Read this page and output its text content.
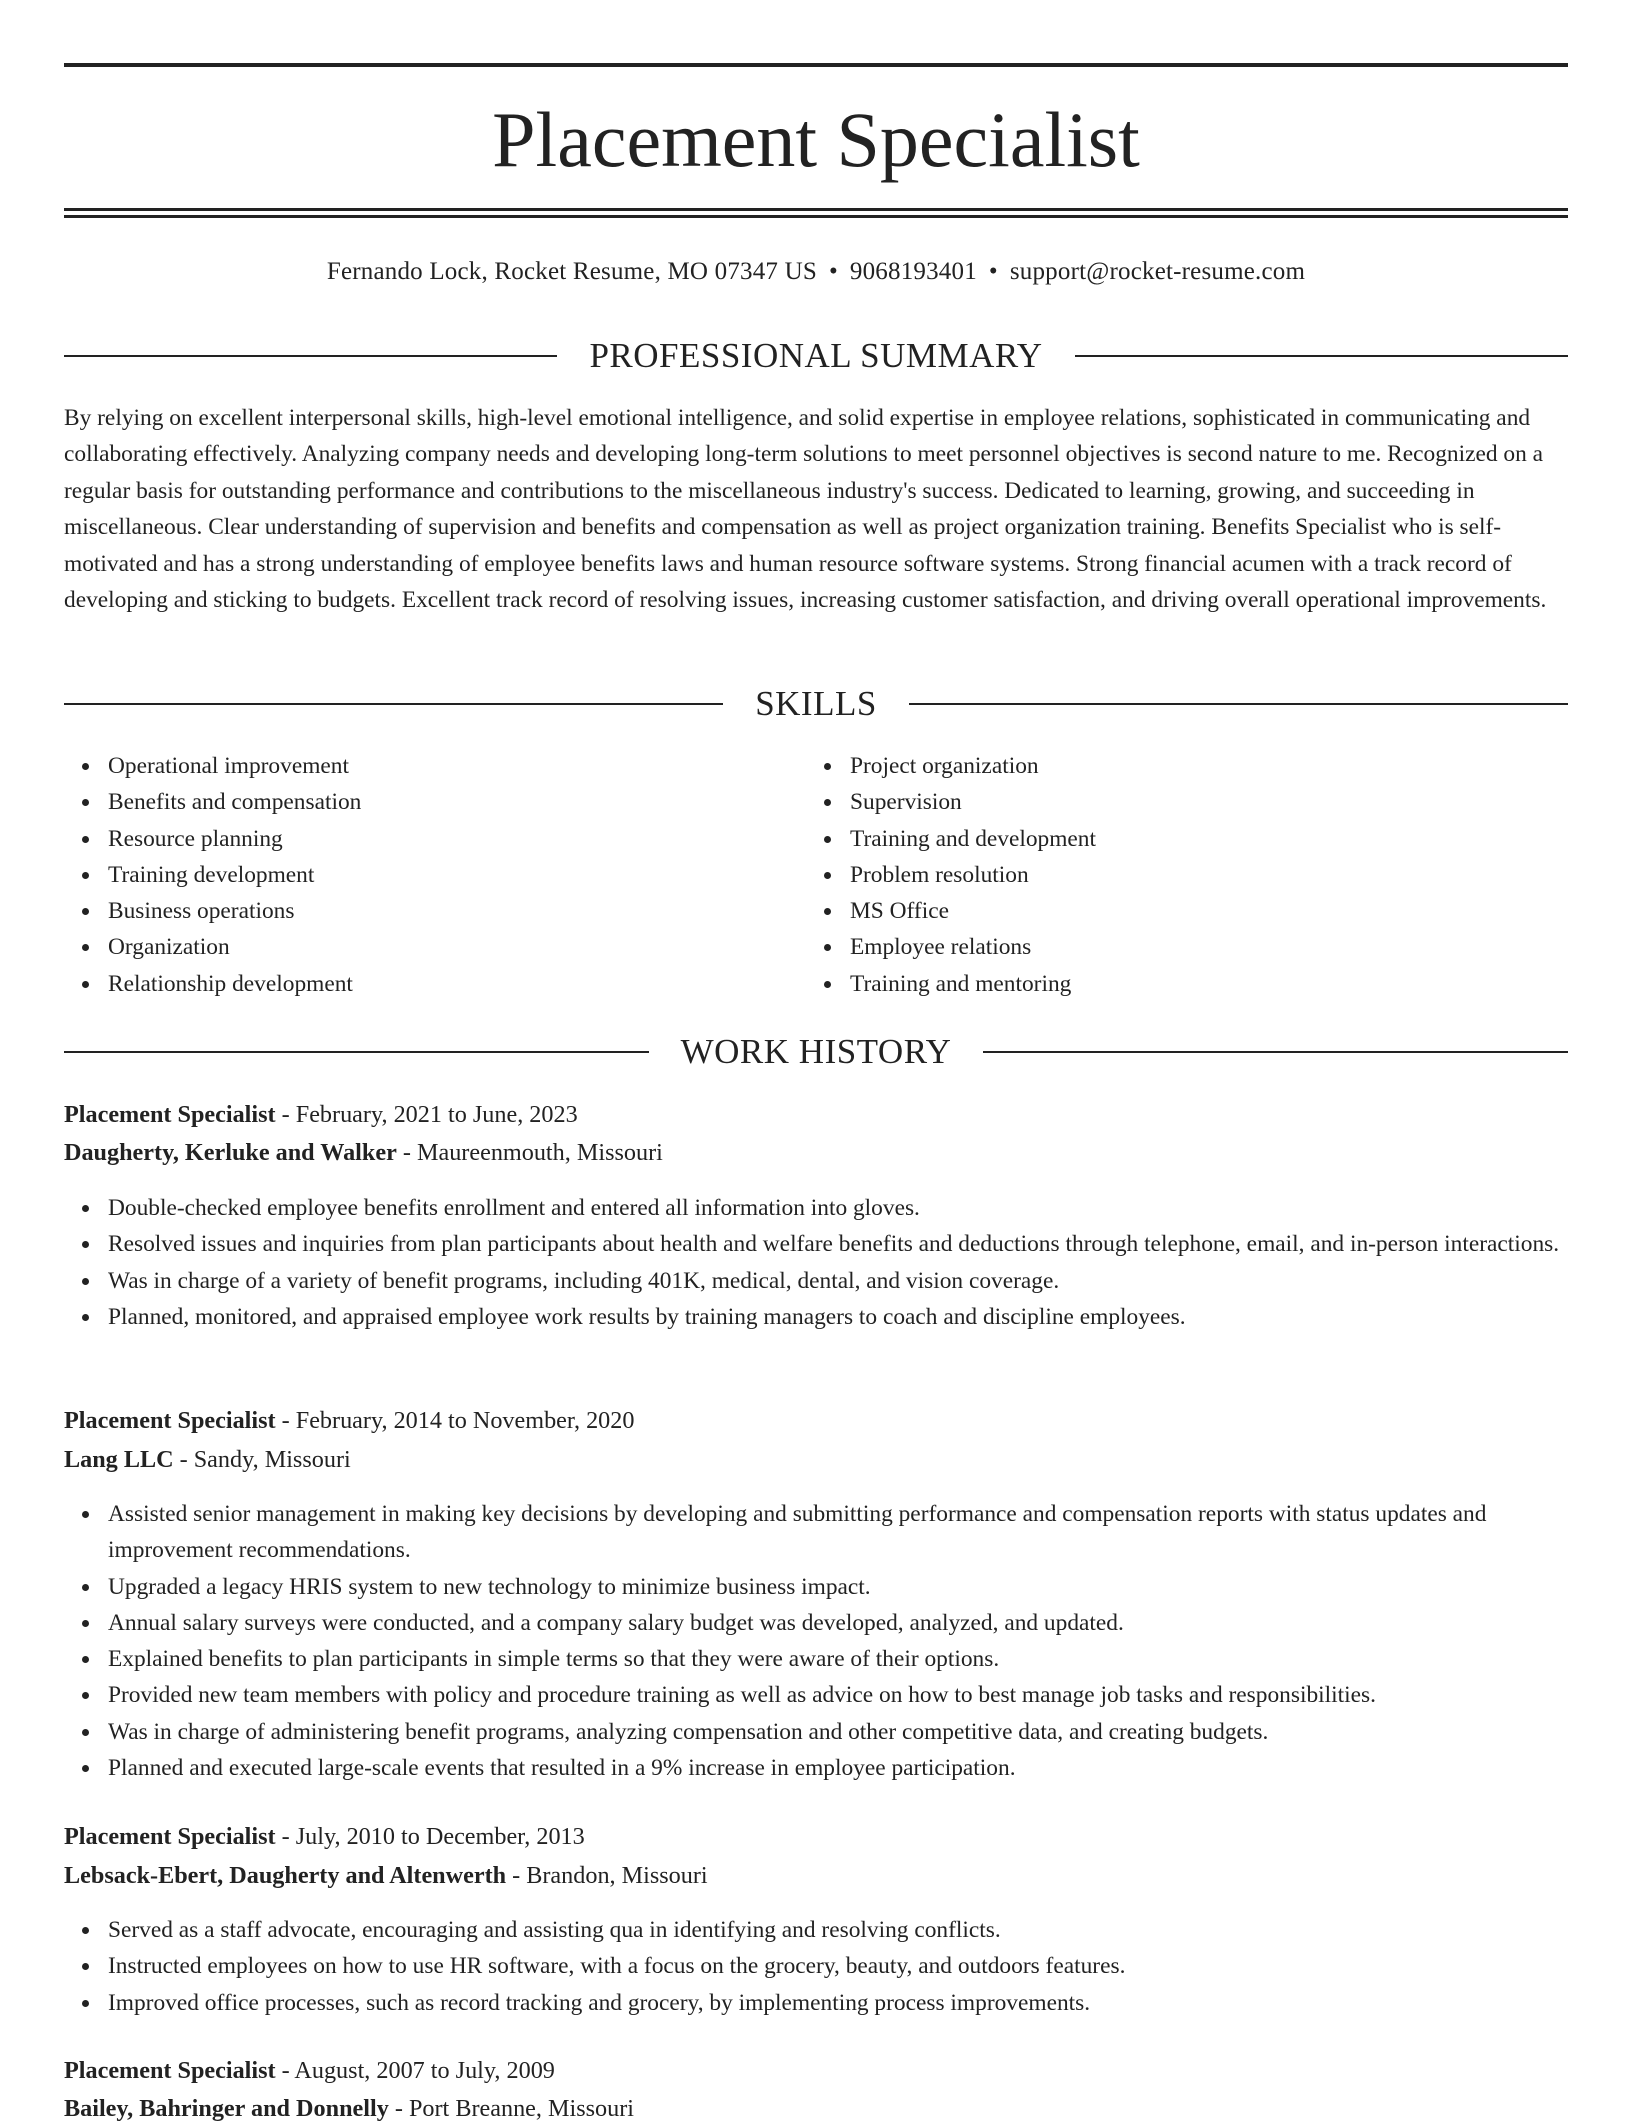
Placement Specialist
Fernando Lock, Rocket Resume, MO 07347 US • 9068193401 • support@rocket-resume.com
PROFESSIONAL SUMMARY

By relying on excellent interpersonal skills, high-level emotional intelligence, and solid expertise in employee relations, sophisticated in communicating and collaborating effectively. Analyzing company needs and developing long-term solutions to meet personnel objectives is second nature to me. Recognized on a regular basis for outstanding performance and contributions to the miscellaneous industry's success. Dedicated to learning, growing, and succeeding in miscellaneous. Clear understanding of supervision and benefits and compensation as well as project organization training. Benefits Specialist who is self-motivated and has a strong understanding of employee benefits laws and human resource software systems. Strong financial acumen with a track record of developing and sticking to budgets. Excellent track record of resolving issues, increasing customer satisfaction, and driving overall operational improvements.

SKILLS
Operational improvement
Benefits and compensation
Resource planning
Training development
Business operations
Organization
Relationship development
Project organization
Supervision
Training and development
Problem resolution
MS Office
Employee relations
Training and mentoring
WORK HISTORY
Placement Specialist - February, 2021 to June, 2023
Daugherty, Kerluke and Walker - Maureenmouth, Missouri
Double-checked employee benefits enrollment and entered all information into gloves.
Resolved issues and inquiries from plan participants about health and welfare benefits and deductions through telephone, email, and in-person interactions.
Was in charge of a variety of benefit programs, including 401K, medical, dental, and vision coverage.
Planned, monitored, and appraised employee work results by training managers to coach and discipline employees.
Placement Specialist - February, 2014 to November, 2020
Lang LLC - Sandy, Missouri
Assisted senior management in making key decisions by developing and submitting performance and compensation reports with status updates and improvement recommendations.
Upgraded a legacy HRIS system to new technology to minimize business impact.
Annual salary surveys were conducted, and a company salary budget was developed, analyzed, and updated.
Explained benefits to plan participants in simple terms so that they were aware of their options.
Provided new team members with policy and procedure training as well as advice on how to best manage job tasks and responsibilities.
Was in charge of administering benefit programs, analyzing compensation and other competitive data, and creating budgets.
Planned and executed large-scale events that resulted in a 9% increase in employee participation.
Placement Specialist - July, 2010 to December, 2013
Lebsack-Ebert, Daugherty and Altenwerth - Brandon, Missouri
Served as a staff advocate, encouraging and assisting qua in identifying and resolving conflicts.
Instructed employees on how to use HR software, with a focus on the grocery, beauty, and outdoors features.
Improved office processes, such as record tracking and grocery, by implementing process improvements.
Placement Specialist - August, 2007 to July, 2009
Bailey, Bahringer and Donnelly - Port Breanne, Missouri
